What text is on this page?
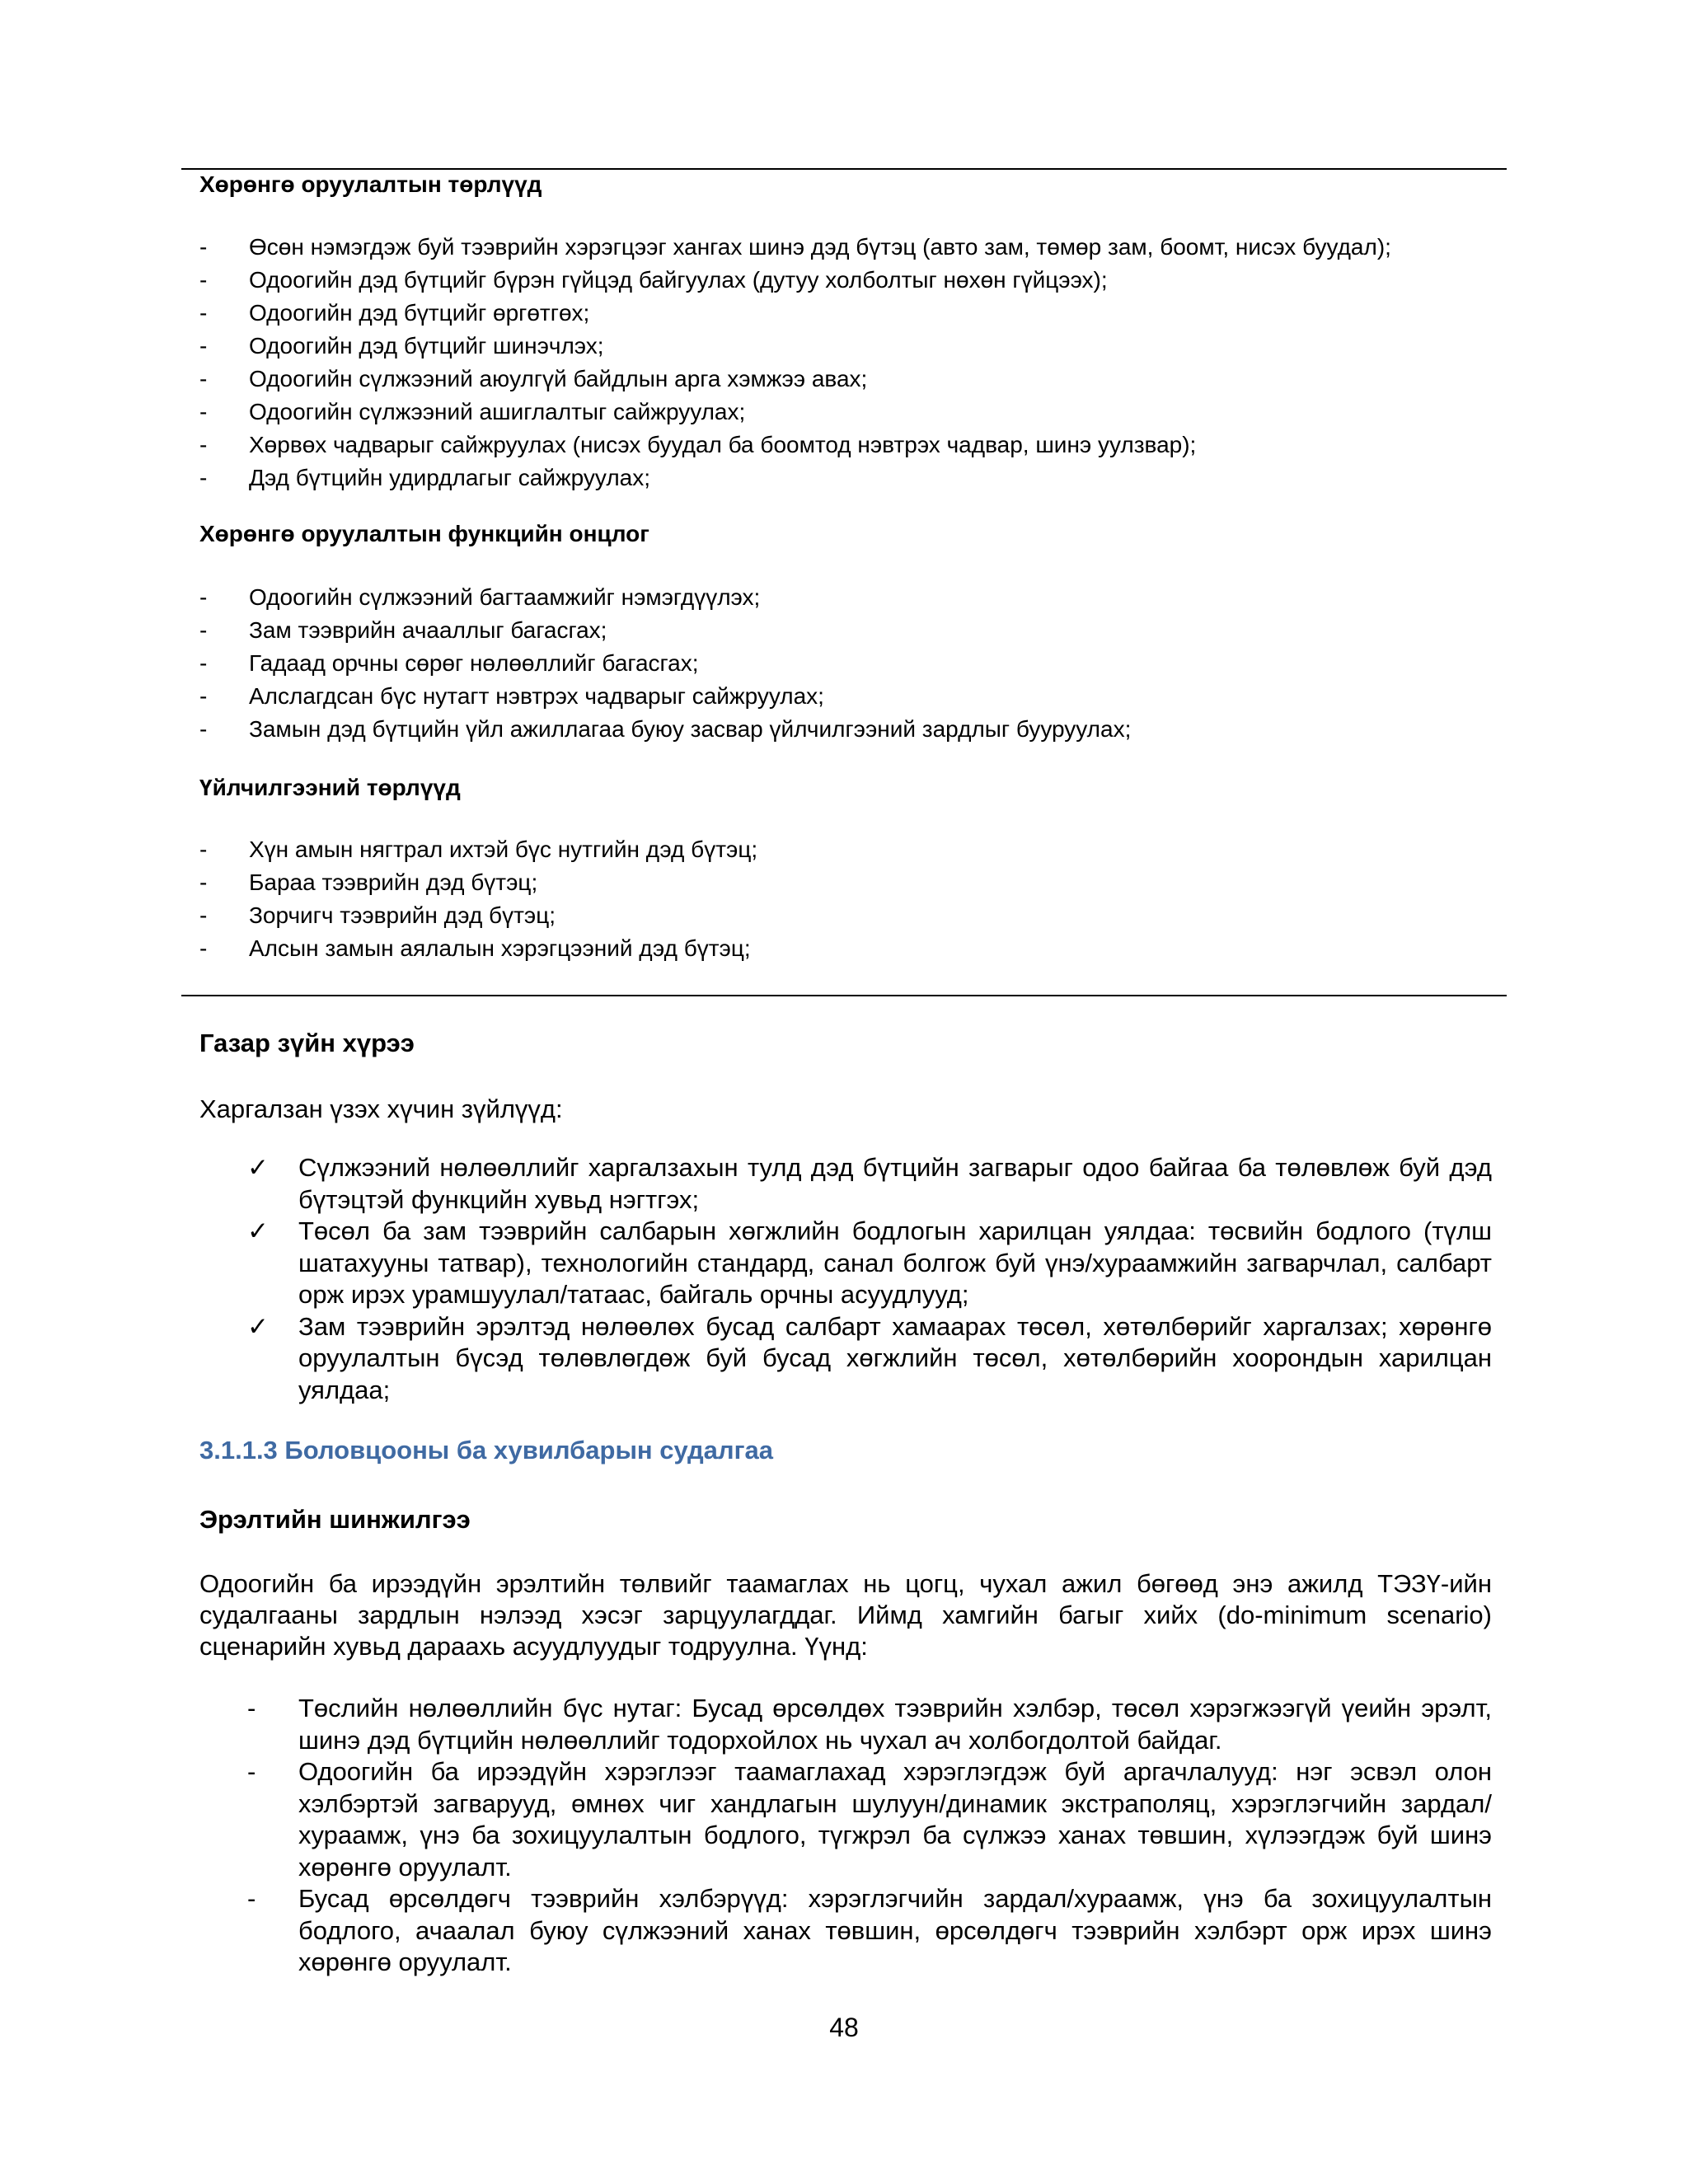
Хөрөнгө оруулалтын төрлүүд
- Өсөн нэмэгдэж буй тээврийн хэрэгцээг хангах шинэ дэд бүтэц (авто зам, төмөр зам, боомт, нисэх буудал);
- Одоогийн дэд бүтцийг бүрэн гүйцэд байгуулах (дутуу холболтыг нөхөн гүйцээх);
- Одоогийн дэд бүтцийг өргөтгөх;
- Одоогийн дэд бүтцийг шинэчлэх;
- Одоогийн сүлжээний аюулгүй байдлын арга хэмжээ авах;
- Одоогийн сүлжээний ашиглалтыг сайжруулах;
- Хөрвөх чадварыг сайжруулах (нисэх буудал ба боомтод нэвтрэх чадвар, шинэ уулзвар);
- Дэд бүтцийн удирдлагыг сайжруулах;
Хөрөнгө оруулалтын функцийн онцлог
- Одоогийн сүлжээний багтаамжийг нэмэгдүүлэх;
- Зам тээврийн ачааллыг багасгах;
- Гадаад орчны сөрөг нөлөөллийг багасгах;
- Алслагдсан бүс нутагт нэвтрэх чадварыг сайжруулах;
- Замын дэд бүтцийн үйл ажиллагаа буюу засвар үйлчилгээний зардлыг бууруулах;
Үйлчилгээний төрлүүд
- Хүн амын нягтрал ихтэй бүс нутгийн дэд бүтэц;
- Бараа тээврийн дэд бүтэц;
- Зорчигч тээврийн дэд бүтэц;
- Алсын замын аялалын хэрэгцээний дэд бүтэц;
Газар зүйн хүрээ
Харгалзан үзэх хүчин зүйлүүд:
✓ Сүлжээний нөлөөллийг харгалзахын тулд дэд бүтцийн загварыг одоо байгаа ба төлөвлөж буй дэд бүтэцтэй функцийн хувьд нэгтгэх;
✓ Төсөл ба зам тээврийн салбарын хөгжлийн бодлогын харилцан уялдаа: төсвийн бодлого (түлш шатахууны татвар), технологийн стандард, санал болгож буй үнэ/хураамжийн загварчлал, салбарт орж ирэх урамшуулал/татаас, байгаль орчны асуудлууд;
✓ Зам тээврийн эрэлтэд нөлөөлөх бусад салбарт хамаарах төсөл, хөтөлбөрийг харгалзах; хөрөнгө оруулалтын бүсэд төлөвлөгдөж буй бусад хөгжлийн төсөл, хөтөлбөрийн хоорондын харилцан уялдаа;
3.1.1.3 Боловцооны ба хувилбарын судалгаа
Эрэлтийн шинжилгээ

Одоогийн ба ирээдүйн эрэлтийн төлвийг таамаглах нь цогц, чухал ажил бөгөөд энэ ажилд ТЭЗҮ-ийн судалгааны зардлын нэлээд хэсэг зарцуулагддаг. Иймд хамгийн багыг хийх (do-minimum scenario) сценарийн хувьд дараахь асуудлуудыг тодруулна. Үүнд:

- Төслийн нөлөөллийн бүс нутаг: Бусад өрсөлдөх тээврийн хэлбэр, төсөл хэрэгжээгүй үеийн эрэлт, шинэ дэд бүтцийн нөлөөллийг тодорхойлох нь чухал ач холбогдолтой байдаг.
- Одоогийн ба ирээдүйн хэрэглээг таамаглахад хэрэглэгдэж буй аргачлалууд: нэг эсвэл олон хэлбэртэй загварууд, өмнөх чиг хандлагын шулуун/динамик экстраполяц, хэрэглэгчийн зардал/хураамж, үнэ ба зохицуулалтын бодлого, түгжрэл ба сүлжээ ханах төвшин, хүлээгдэж буй шинэ хөрөнгө оруулалт.
- Бусад өрсөлдөгч тээврийн хэлбэрүүд: хэрэглэгчийн зардал/хураамж, үнэ ба зохицуулалтын бодлого, ачаалал буюу сүлжээний ханах төвшин, өрсөлдөгч тээврийн хэлбэрт орж ирэх шинэ хөрөнгө оруулалт.
48
